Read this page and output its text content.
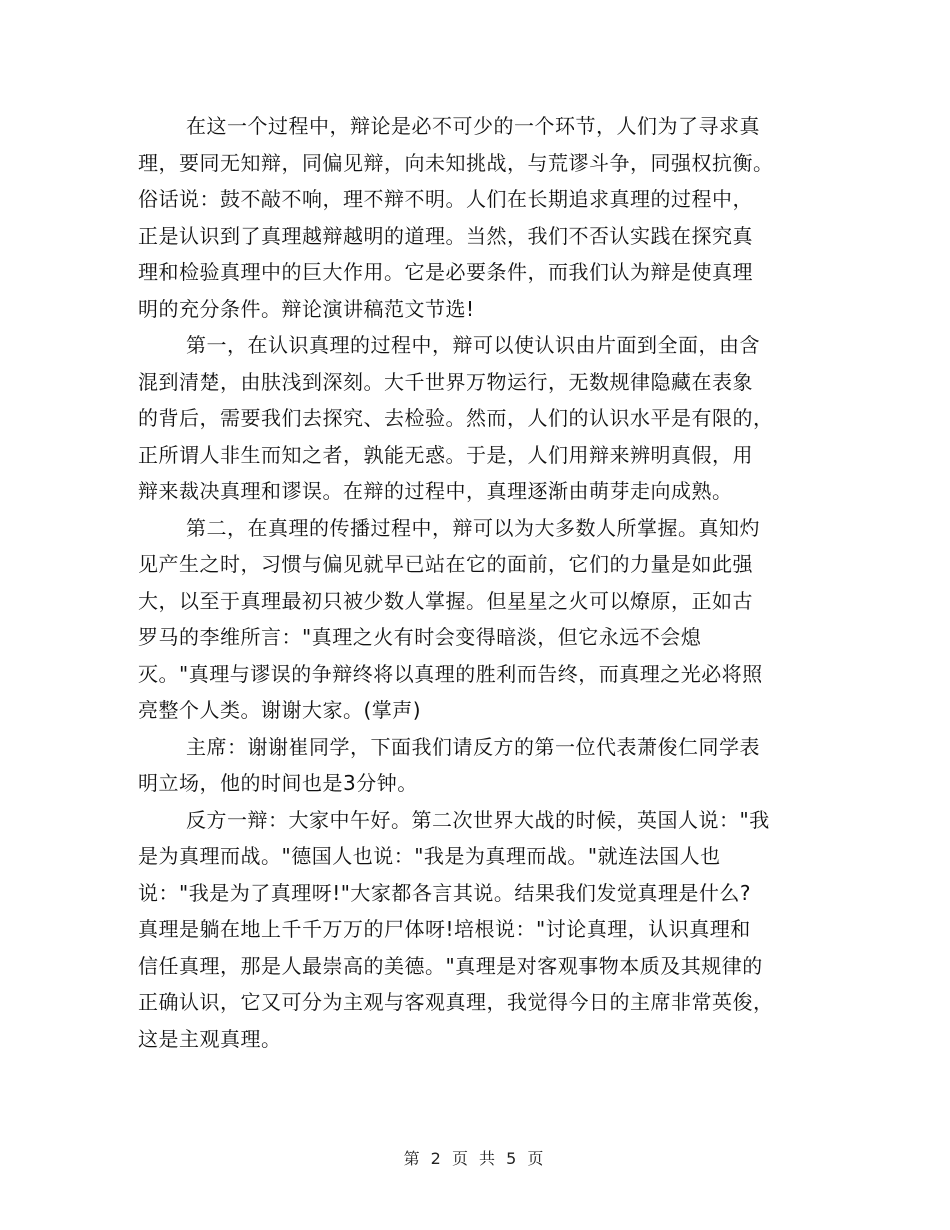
在这一个过程中，辩论是必不可少的一个环节，人们为了寻求真
理，要同无知辩，同偏见辩，向未知挑战，与荒谬斗争，同强权抗衡。
俗话说：鼓不敲不响，理不辩不明。人们在长期追求真理的过程中，
正是认识到了真理越辩越明的道理。当然，我们不否认实践在探究真
理和检验真理中的巨大作用。它是必要条件，而我们认为辩是使真理
明的充分条件。辩论演讲稿范文节选!
第一，在认识真理的过程中，辩可以使认识由片面到全面，由含
混到清楚，由肤浅到深刻。大千世界万物运行，无数规律隐藏在表象
的背后，需要我们去探究、去检验。然而，人们的认识水平是有限的，
正所谓人非生而知之者，孰能无惑。于是，人们用辩来辨明真假，用
辩来裁决真理和谬误。在辩的过程中，真理逐渐由萌芽走向成熟。
第二，在真理的传播过程中，辩可以为大多数人所掌握。真知灼
见产生之时，习惯与偏见就早已站在它的面前，它们的力量是如此强
大，以至于真理最初只被少数人掌握。但星星之火可以燎原，正如古
罗马的李维所言："真理之火有时会变得暗淡，但它永远不会熄
灭。"真理与谬误的争辩终将以真理的胜利而告终，而真理之光必将照
亮整个人类。谢谢大家。(掌声)
主席：谢谢崔同学，下面我们请反方的第一位代表萧俊仁同学表
明立场，他的时间也是3分钟。
反方一辩：大家中午好。第二次世界大战的时候，英国人说："我
是为真理而战。"德国人也说："我是为真理而战。"就连法国人也
说："我是为了真理呀!"大家都各言其说。结果我们发觉真理是什么?
真理是躺在地上千千万万的尸体呀!培根说："讨论真理，认识真理和
信任真理，那是人最崇高的美德。"真理是对客观事物本质及其规律的
正确认识，它又可分为主观与客观真理，我觉得今日的主席非常英俊，
这是主观真理。
第 2 页 共 5 页
